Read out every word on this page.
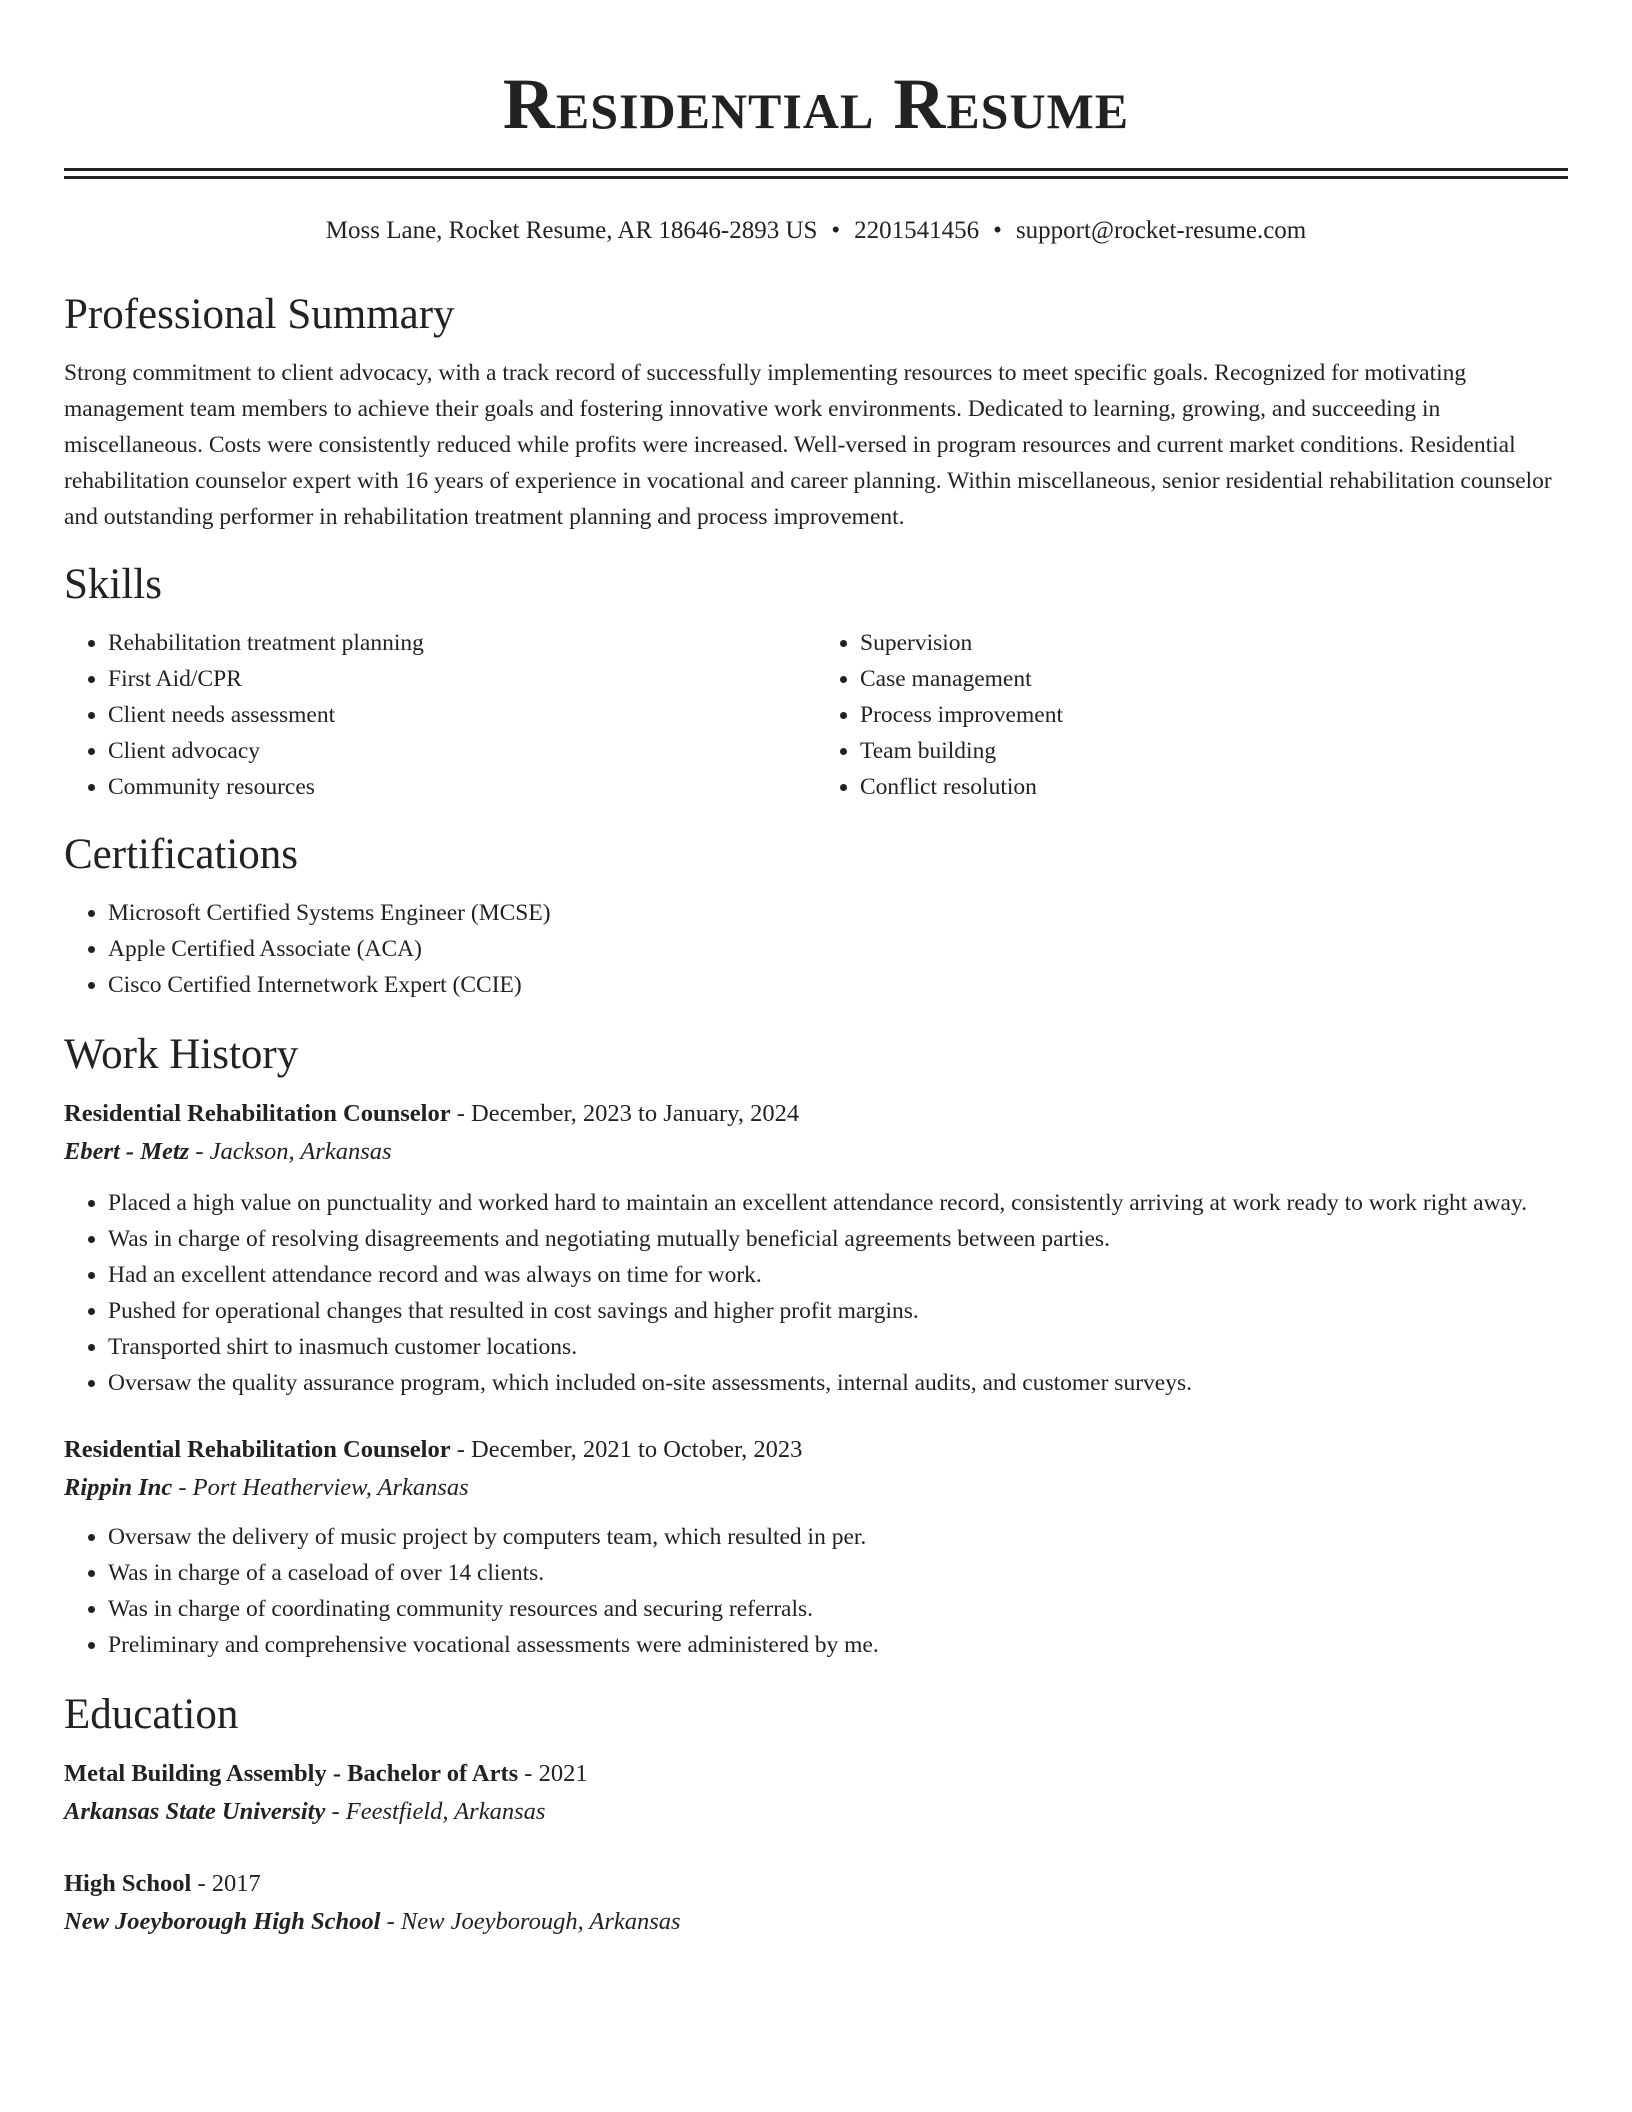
Residential Resume
Moss Lane, Rocket Resume, AR 18646-2893 US • 2201541456 • support@rocket-resume.com
Professional Summary

Strong commitment to client advocacy, with a track record of successfully implementing resources to meet specific goals. Recognized for motivating management team members to achieve their goals and fostering innovative work environments. Dedicated to learning, growing, and succeeding in miscellaneous. Costs were consistently reduced while profits were increased. Well-versed in program resources and current market conditions. Residential rehabilitation counselor expert with 16 years of experience in vocational and career planning. Within miscellaneous, senior residential rehabilitation counselor and outstanding performer in rehabilitation treatment planning and process improvement.

Skills
• Rehabilitation treatment planning
• First Aid/CPR
• Client needs assessment
• Client advocacy
• Community resources
• Supervision
• Case management
• Process improvement
• Team building
• Conflict resolution
Certifications
• Microsoft Certified Systems Engineer (MCSE)
• Apple Certified Associate (ACA)
• Cisco Certified Internetwork Expert (CCIE)
Work History
Residential Rehabilitation Counselor - December, 2023 to January, 2024
Ebert - Metz - Jackson, Arkansas
• Placed a high value on punctuality and worked hard to maintain an excellent attendance record, consistently arriving at work ready to work right away.
• Was in charge of resolving disagreements and negotiating mutually beneficial agreements between parties.
• Had an excellent attendance record and was always on time for work.
• Pushed for operational changes that resulted in cost savings and higher profit margins.
• Transported shirt to inasmuch customer locations.
• Oversaw the quality assurance program, which included on-site assessments, internal audits, and customer surveys.
Residential Rehabilitation Counselor - December, 2021 to October, 2023
Rippin Inc - Port Heatherview, Arkansas
• Oversaw the delivery of music project by computers team, which resulted in per.
• Was in charge of a caseload of over 14 clients.
• Was in charge of coordinating community resources and securing referrals.
• Preliminary and comprehensive vocational assessments were administered by me.
Education
Metal Building Assembly - Bachelor of Arts - 2021
Arkansas State University - Feestfield, Arkansas
High School - 2017
New Joeyborough High School - New Joeyborough, Arkansas
